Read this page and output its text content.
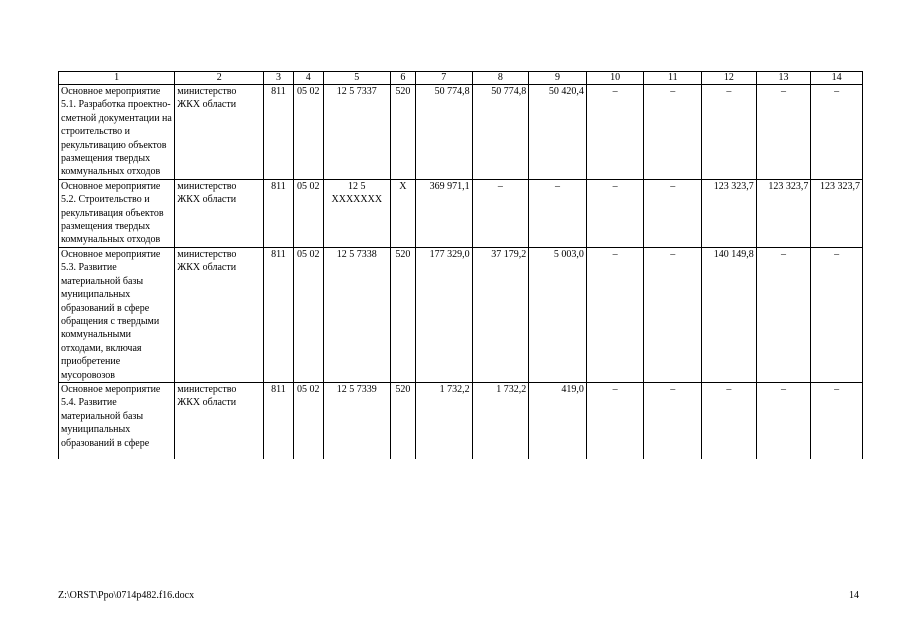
1	2	3	4	5	6	7	8	9	10	11	12	13	14
Основное мероприятие 5.1. Разработка проектно-сметной документации на строительство и рекультивацию объектов размещения твердых коммунальных отходов	министерство ЖКХ области	811	05 02	12 5 7337	520	50 774,8	50 774,8	50 420,4	–	–	–	–	–
Основное мероприятие 5.2. Строительство и рекультивация объектов размещения твердых коммунальных отходов	министерство ЖКХ области	811	05 02	12 5 XXXXXXX	Х	369 971,1	–	–	–	–	123 323,7	123 323,7	123 323,7
Основное мероприятие 5.3. Развитие материальной базы муниципальных образований в сфере обращения с твердыми коммунальными отходами, включая приобретение мусоровозов	министерство ЖКХ области	811	05 02	12 5 7338	520	177 329,0	37 179,2	5 003,0	–	–	140 149,8	–	–
Основное мероприятие 5.4. Развитие материальной базы муниципальных образований в сфере	министерство ЖКХ области	811	05 02	12 5 7339	520	1 732,2	1 732,2	419,0	–	–	–	–	–
Z:\ORST\Ppo\0714p482.f16.docx	14
